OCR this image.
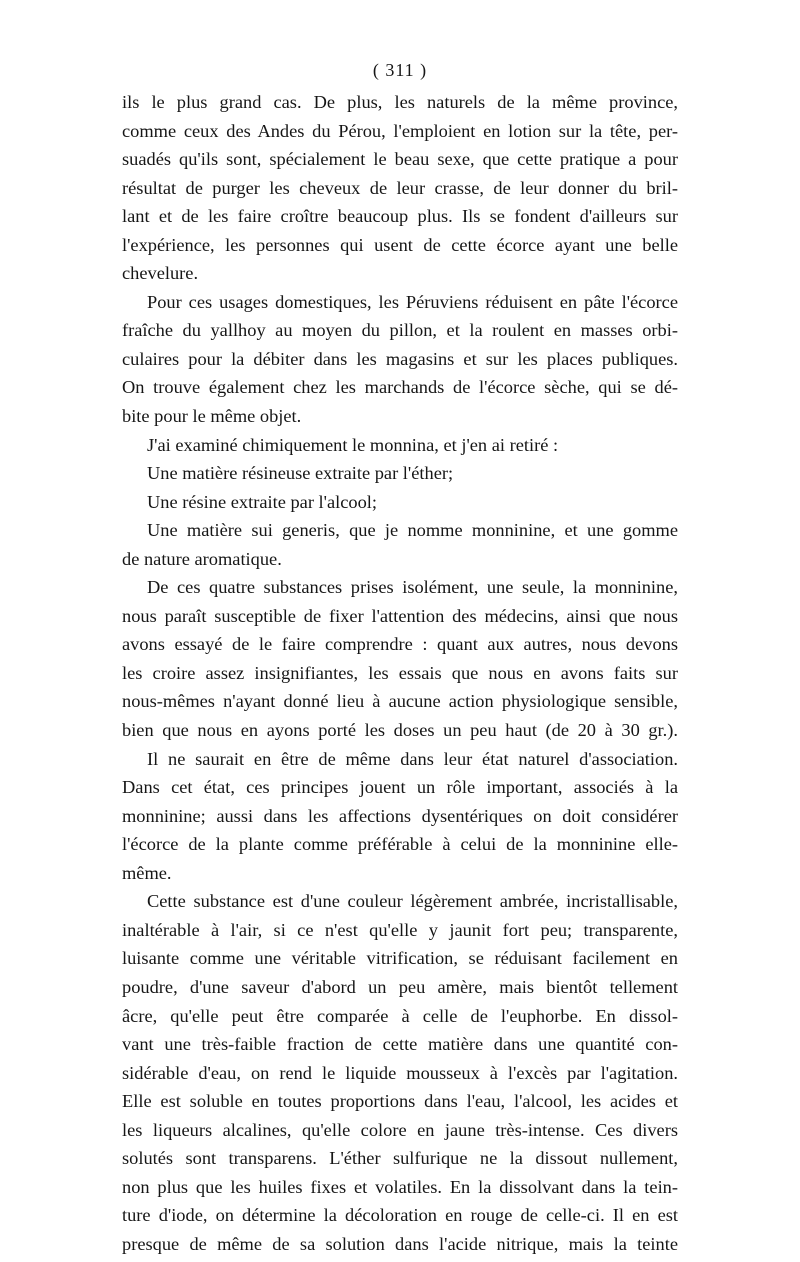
( 311 )
ils le plus grand cas. De plus, les naturels de la même province,
comme ceux des Andes du Pérou, l'emploient en lotion sur la tête, per-
suadés qu'ils sont, spécialement le beau sexe, que cette pratique a pour
résultat de purger les cheveux de leur crasse, de leur donner du bril-
lant et de les faire croître beaucoup plus. Ils se fondent d'ailleurs sur
l'expérience, les personnes qui usent de cette écorce ayant une belle
chevelure.
Pour ces usages domestiques, les Péruviens réduisent en pâte l'écorce
fraîche du yallhoy au moyen du pillon, et la roulent en masses orbi-
culaires pour la débiter dans les magasins et sur les places publiques.
On trouve également chez les marchands de l'écorce sèche, qui se dé-
bite pour le même objet.
J'ai examiné chimiquement le monnina, et j'en ai retiré :
Une matière résineuse extraite par l'éther;
Une résine extraite par l'alcool;
Une matière sui generis, que je nomme monninine, et une gomme
de nature aromatique.
De ces quatre substances prises isolément, une seule, la monninine,
nous paraît susceptible de fixer l'attention des médecins, ainsi que nous
avons essayé de le faire comprendre : quant aux autres, nous devons
les croire assez insignifiantes, les essais que nous en avons faits sur
nous-mêmes n'ayant donné lieu à aucune action physiologique sensible,
bien que nous en ayons porté les doses un peu haut (de 20 à 30 gr.).
Il ne saurait en être de même dans leur état naturel d'association.
Dans cet état, ces principes jouent un rôle important, associés à la
monninine; aussi dans les affections dysentériques on doit considérer
l'écorce de la plante comme préférable à celui de la monninine elle-
même.
Cette substance est d'une couleur légèrement ambrée, incristallisable,
inaltérable à l'air, si ce n'est qu'elle y jaunit fort peu; transparente,
luisante comme une véritable vitrification, se réduisant facilement en
poudre, d'une saveur d'abord un peu amère, mais bientôt tellement
âcre, qu'elle peut être comparée à celle de l'euphorbe. En dissol-
vant une très-faible fraction de cette matière dans une quantité con-
sidérable d'eau, on rend le liquide mousseux à l'excès par l'agitation.
Elle est soluble en toutes proportions dans l'eau, l'alcool, les acides et
les liqueurs alcalines, qu'elle colore en jaune très-intense. Ces divers
solutés sont transparens. L'éther sulfurique ne la dissout nullement,
non plus que les huiles fixes et volatiles. En la dissolvant dans la tein-
ture d'iode, on détermine la décoloration en rouge de celle-ci. Il en est
presque de même de sa solution dans l'acide nitrique, mais la teinte
